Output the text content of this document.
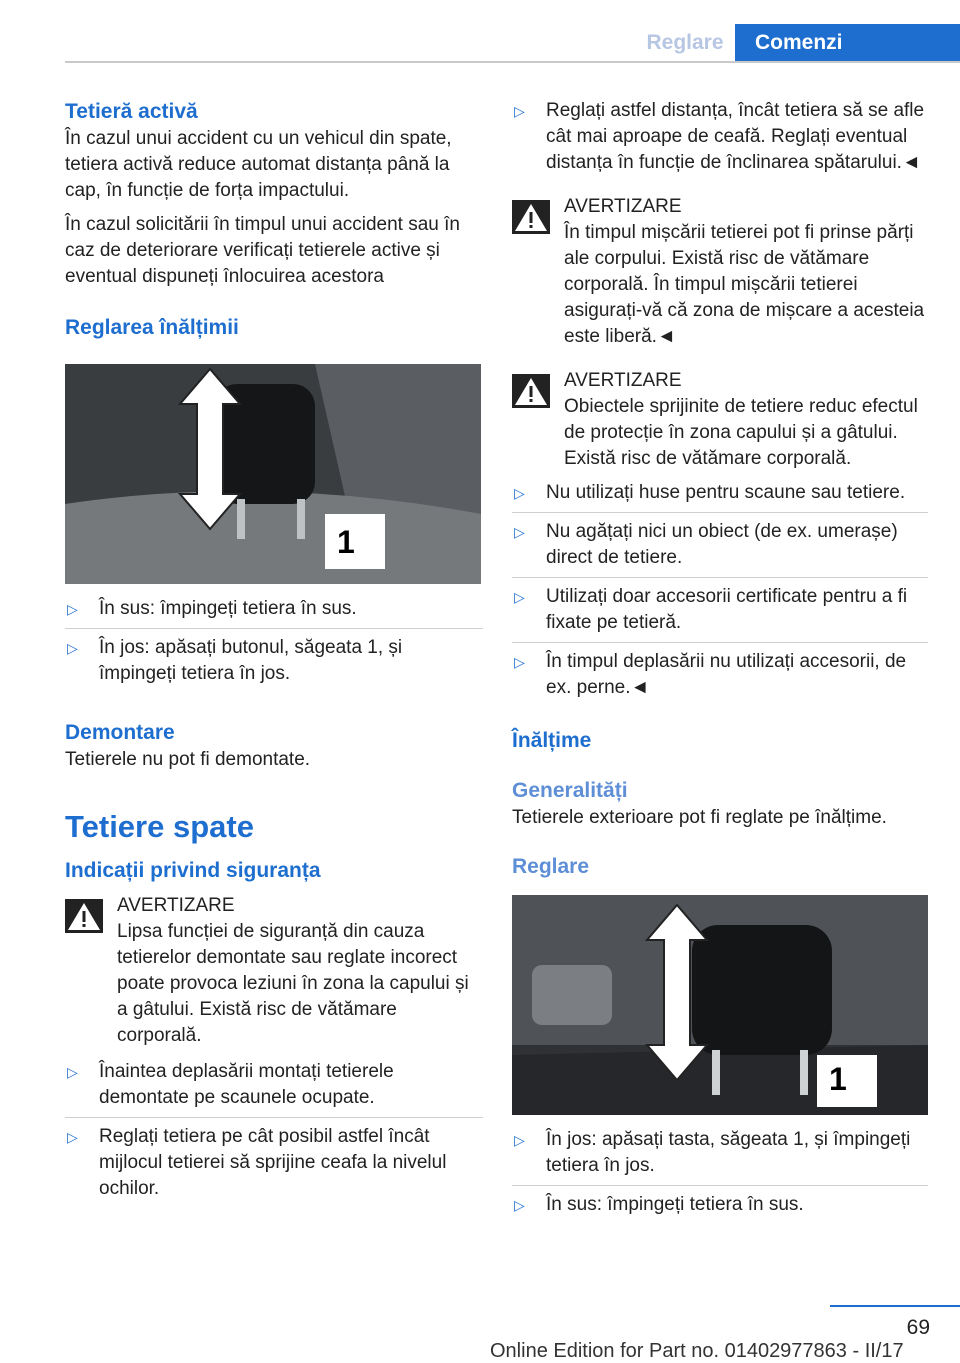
Reglare	Comenzi
Tetieră activă

În cazul unui accident cu un vehicul din spate, tetiera activă reduce automat distanța până la cap, în funcție de forța impactului.

În cazul solicitării în timpul unui accident sau în caz de deteriorare verificați tetierele active și eventual dispuneți înlocuirea acestora

Reglarea înălțimii
1
▷ În sus: împingeți tetiera în sus.
▷ În jos: apăsați butonul, săgeata 1, și împingeți tetiera în jos.
Demontare

Tetierele nu pot fi demontate.

Tetiere spate
Indicații privind siguranța
AVERTIZARE
Lipsa funcției de siguranță din cauza tetierelor demontate sau reglate incorect poate provoca leziuni în zona la capului și a gâtului. Există risc de vătămare corporală.
▷ Înaintea deplasării montați tetierele demontate pe scaunele ocupate.
▷ Reglați tetiera pe cât posibil astfel încât mijlocul tetierei să sprijine ceafa la nivelul ochilor.
▷ Reglați astfel distanța, încât tetiera să se afle cât mai aproape de ceafă. Reglați eventual distanța în funcție de înclinarea spătarului.◄
AVERTIZARE
În timpul mișcării tetierei pot fi prinse părți ale corpului. Există risc de vătămare corporală. În timpul mișcării tetierei asigurați-vă că zona de mișcare a acesteia este liberă.◄
AVERTIZARE
Obiectele sprijinite de tetiere reduc efectul de protecție în zona capului și a gâtului. Există risc de vătămare corporală.
▷ Nu utilizați huse pentru scaune sau tetiere.
▷ Nu agățați nici un obiect (de ex. umerașe) direct de tetiere.
▷ Utilizați doar accesorii certificate pentru a fi fixate pe tetieră.
▷ În timpul deplasării nu utilizați accesorii, de ex. perne.◄
Înălțime
Generalități

Tetierele exterioare pot fi reglate pe înălțime.

Reglare
1
▷ În jos: apăsați tasta, săgeata 1, și împingeți tetiera în jos.
▷ În sus: împingeți tetiera în sus.
69
Online Edition for Part no. 01402977863 - II/17
